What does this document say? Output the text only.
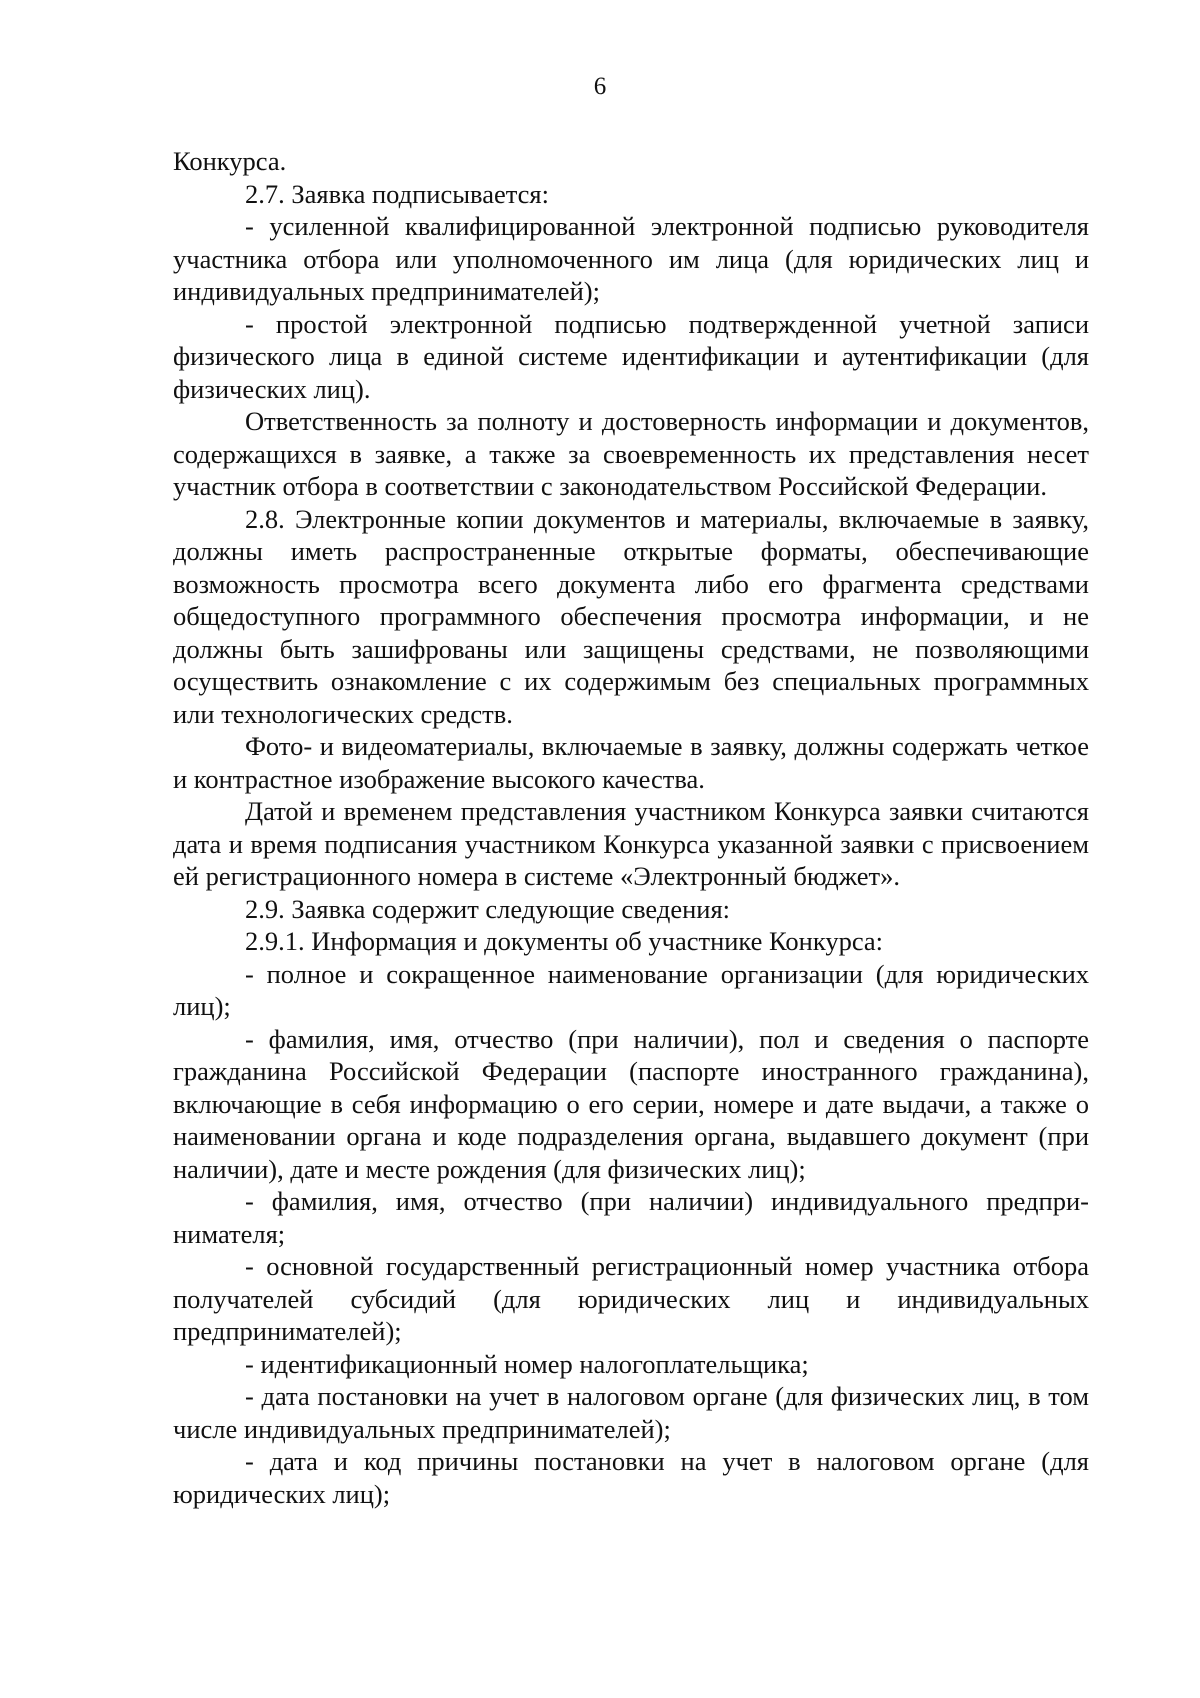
6

Конкурса.

2.7. Заявка подписывается:

- усиленной квалифицированной электронной подписью руководителя участника отбора или уполномоченного им лица (для юридических лиц и индивидуальных предпринимателей);

- простой электронной подписью подтвержденной учетной записи физического лица в единой системе идентификации и аутентификации (для физических лиц).

Ответственность за полноту и достоверность информации и документов, содержащихся в заявке, а также за своевременность их представления несет участник отбора в соответствии с законодательством Российской Федерации.

2.8. Электронные копии документов и материалы, включаемые в заявку, должны иметь распространенные открытые форматы, обеспечивающие возможность просмотра всего документа либо его фрагмента средствами общедоступного программного обеспечения просмотра информации, и не должны быть зашифрованы или защищены средствами, не позволяющими осуществить ознакомление с их содержимым без специальных программных или технологических средств.

Фото- и видеоматериалы, включаемые в заявку, должны содержать четкое и контрастное изображение высокого качества.

Датой и временем представления участником Конкурса заявки считаются дата и время подписания участником Конкурса указанной заявки с присвоением ей регистрационного номера в системе «Электронный бюджет».

2.9. Заявка содержит следующие сведения:

2.9.1. Информация и документы об участнике Конкурса:

- полное и сокращенное наименование организации (для юридических лиц);

- фамилия, имя, отчество (при наличии), пол и сведения о паспорте гражданина Российской Федерации (паспорте иностранного гражданина), включающие в себя информацию о его серии, номере и дате выдачи, а также о наименовании органа и коде подразделения органа, выдавшего документ (при наличии), дате и месте рождения (для физических лиц);

- фамилия, имя, отчество (при наличии) индивидуального предпринимателя;

- основной государственный регистрационный номер участника отбора получателей субсидий (для юридических лиц и индивидуальных предпринимателей);

- идентификационный номер налогоплательщика;

- дата постановки на учет в налоговом органе (для физических лиц, в том числе индивидуальных предпринимателей);

- дата и код причины постановки на учет в налоговом органе (для юридических лиц);
